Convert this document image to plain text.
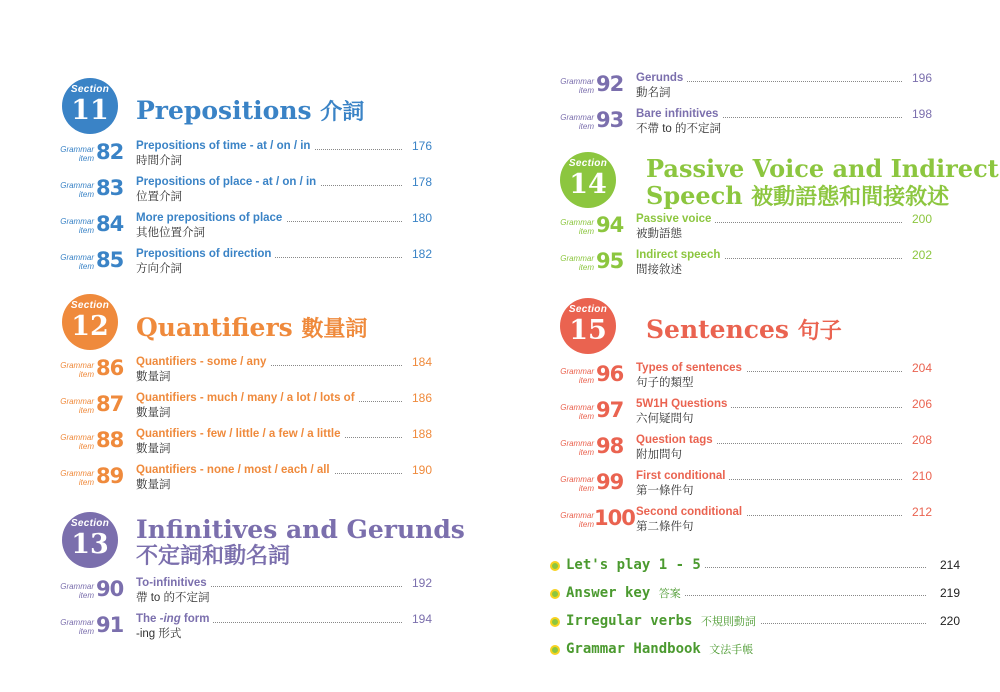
Section
11	Prepositions 介詞
Grammar
item 82 Prepositions of time - at / on / in
時間介詞
176
Grammar
item 83 Prepositions of place - at / on / in
位置介詞
178
Grammar
item 84 More prepositions of place
其他位置介詞
180
Grammar
item 85 Prepositions of direction
方向介詞
182
Section
12	Quantifiers 數量詞
Grammar
item 86 Quantifiers - some / any
數量詞
184
Grammar
item 87 Quantifiers - much / many / a lot / lots of
數量詞
186
Grammar
item 88 Quantifiers - few / little / a few / a little
數量詞
188
Grammar
item 89 Quantifiers - none / most / each / all
數量詞
190
Section
13	Infinitives and Gerunds
不定詞和動名詞
Grammar
item 90 To-infinitives
帶 to 的不定詞
192
Grammar
item 91 The -ing form
-ing 形式
194
Grammar
item 92 Gerunds
動名詞
196
Grammar
item 93 Bare infinitives
不帶 to 的不定詞
198
Section
14
Passive Voice and Indirect
Speech 被動語態和間接敘述
Grammar
item 94 Passive voice
被動語態
200
Grammar
item 95 Indirect speech
間接敘述
202
Section
15	Sentences 句子
Grammar
item 96 Types of sentences
句子的類型
204
Grammar
item 97 5W1H Questions
六何疑問句
206
Grammar
item 98 Question tags
附加問句
208
Grammar
item 99 First conditional
第一條件句
210
Grammar
item 100 Second conditional
第二條件句
212
Let's play 1 - 5	214
Answer key 答案	219
Irregular verbs 不規則動詞	220
Grammar Handbook 文法手帳
